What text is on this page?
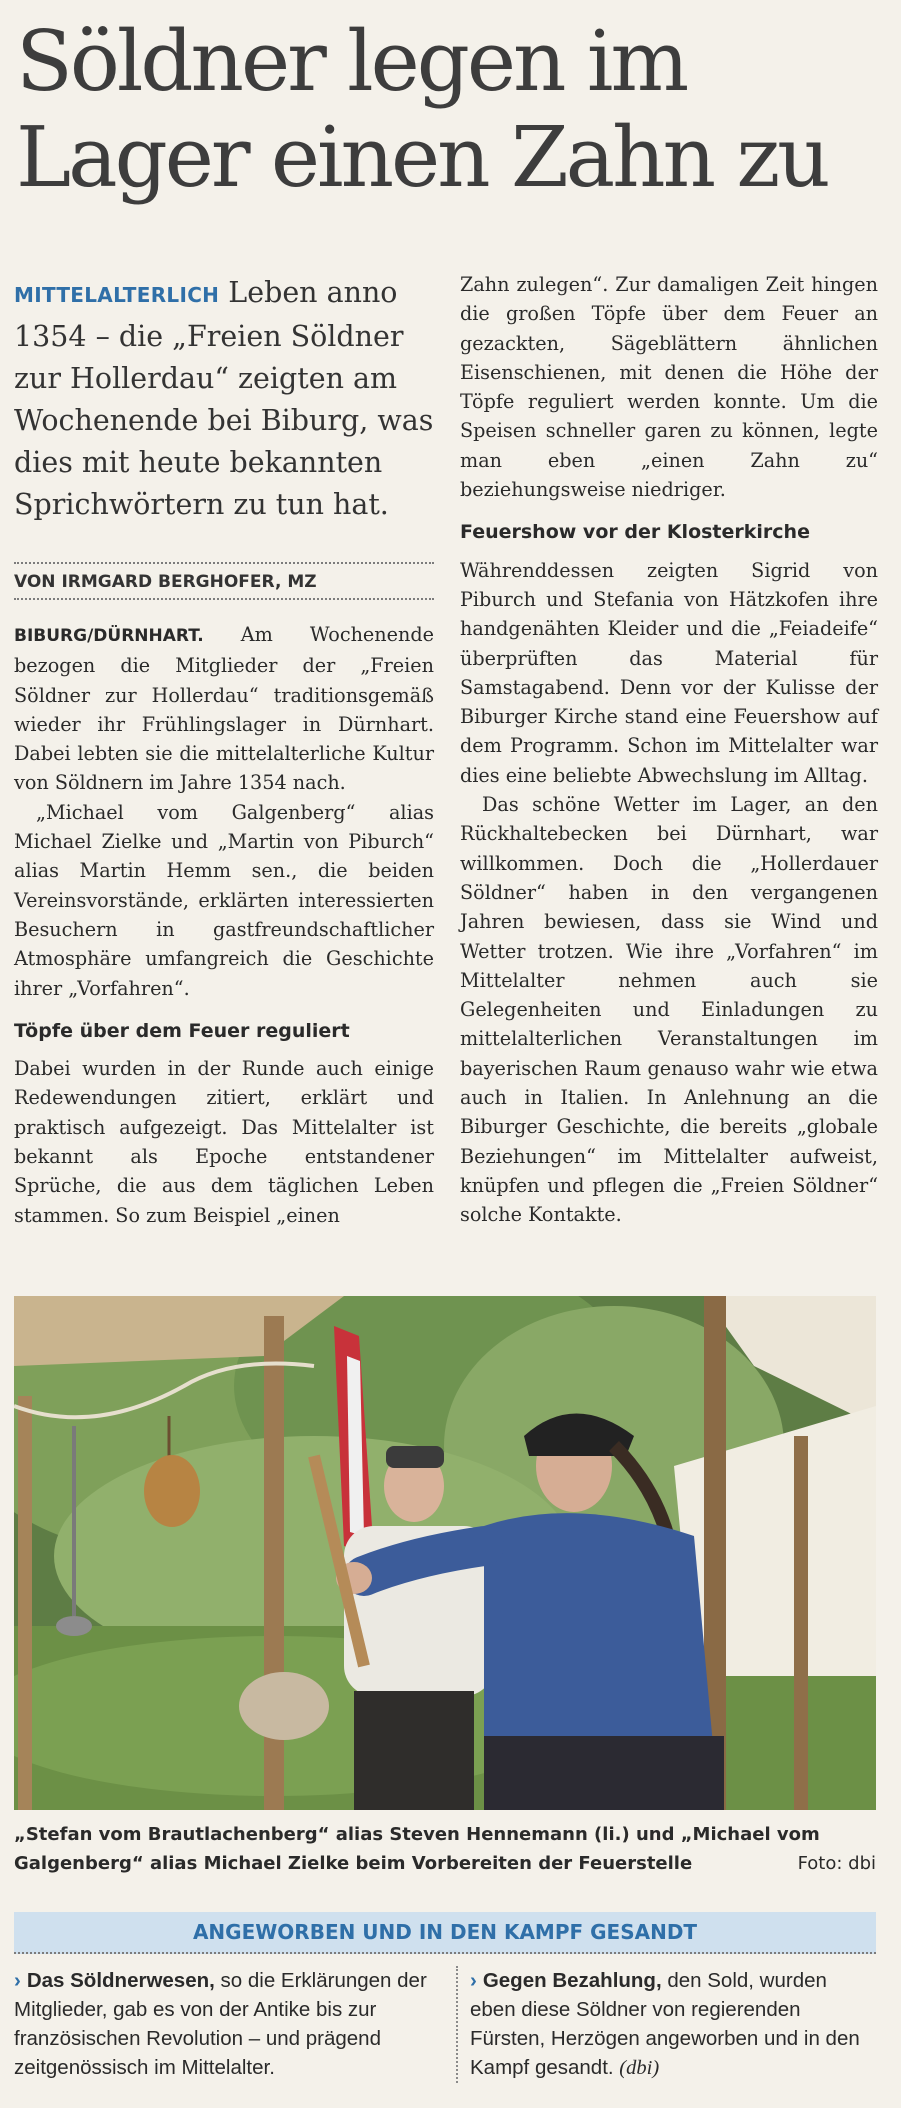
Söldner legen im
Lager einen Zahn zu

MITTELALTERLICH Leben anno 1354 – die „Freien Söldner zur Hollerdau“ zeigten am Wochenende bei Biburg, was dies mit heute bekannten Sprichwörtern zu tun hat.

VON IRMGARD BERGHOFER, MZ

BIBURG/DÜRNHART. Am Wochenende bezogen die Mitglieder der „Freien Söldner zur Hollerdau“ traditionsgemäß wieder ihr Frühlingslager in Dürnhart. Dabei lebten sie die mittelalterliche Kultur von Söldnern im Jahre 1354 nach.

„Michael vom Galgenberg“ alias Michael Zielke und „Martin von Piburch“ alias Martin Hemm sen., die beiden Vereinsvorstände, erklärten interessierten Besuchern in gastfreundschaftlicher Atmosphäre umfangreich die Geschichte ihrer „Vorfahren“.

Töpfe über dem Feuer reguliert

Dabei wurden in der Runde auch einige Redewendungen zitiert, erklärt und praktisch aufgezeigt. Das Mittelalter ist bekannt als Epoche entstandener Sprüche, die aus dem täglichen Leben stammen. So zum Beispiel „einen

Zahn zulegen“. Zur damaligen Zeit hingen die großen Töpfe über dem Feuer an gezackten, Sägeblättern ähnlichen Eisenschienen, mit denen die Höhe der Töpfe reguliert werden konnte. Um die Speisen schneller garen zu können, legte man eben „einen Zahn zu“ beziehungsweise niedriger.

Feuershow vor der Klosterkirche

Währenddessen zeigten Sigrid von Piburch und Stefania von Hätzkofen ihre handgenähten Kleider und die „Feiadeife“ überprüften das Material für Samstagabend. Denn vor der Kulisse der Biburger Kirche stand eine Feuershow auf dem Programm. Schon im Mittelalter war dies eine beliebte Abwechslung im Alltag.

Das schöne Wetter im Lager, an den Rückhaltebecken bei Dürnhart, war willkommen. Doch die „Hollerdauer Söldner“ haben in den vergangenen Jahren bewiesen, dass sie Wind und Wetter trotzen. Wie ihre „Vorfahren“ im Mittelalter nehmen auch sie Gelegenheiten und Einladungen zu mittelalterlichen Veranstaltungen im bayerischen Raum genauso wahr wie etwa auch in Italien. In Anlehnung an die Biburger Geschichte, die bereits „globale Beziehungen“ im Mittelalter aufweist, knüpfen und pflegen die „Freien Söldner“ solche Kontakte.

„Stefan vom Brautlachenberg“ alias Steven Hennemann (li.) und „Michael vom Galgenberg“ alias Michael Zielke beim Vorbereiten der Feuerstelle	Foto: dbi
ANGEWORBEN UND IN DEN KAMPF GESANDT
› Das Söldnerwesen, so die Erklärungen der Mitglieder, gab es von der Antike bis zur französischen Revolution – und prägend zeitgenössisch im Mittelalter.
› Gegen Bezahlung, den Sold, wurden eben diese Söldner von regierenden Fürsten, Herzögen angeworben und in den Kampf gesandt. (dbi)
